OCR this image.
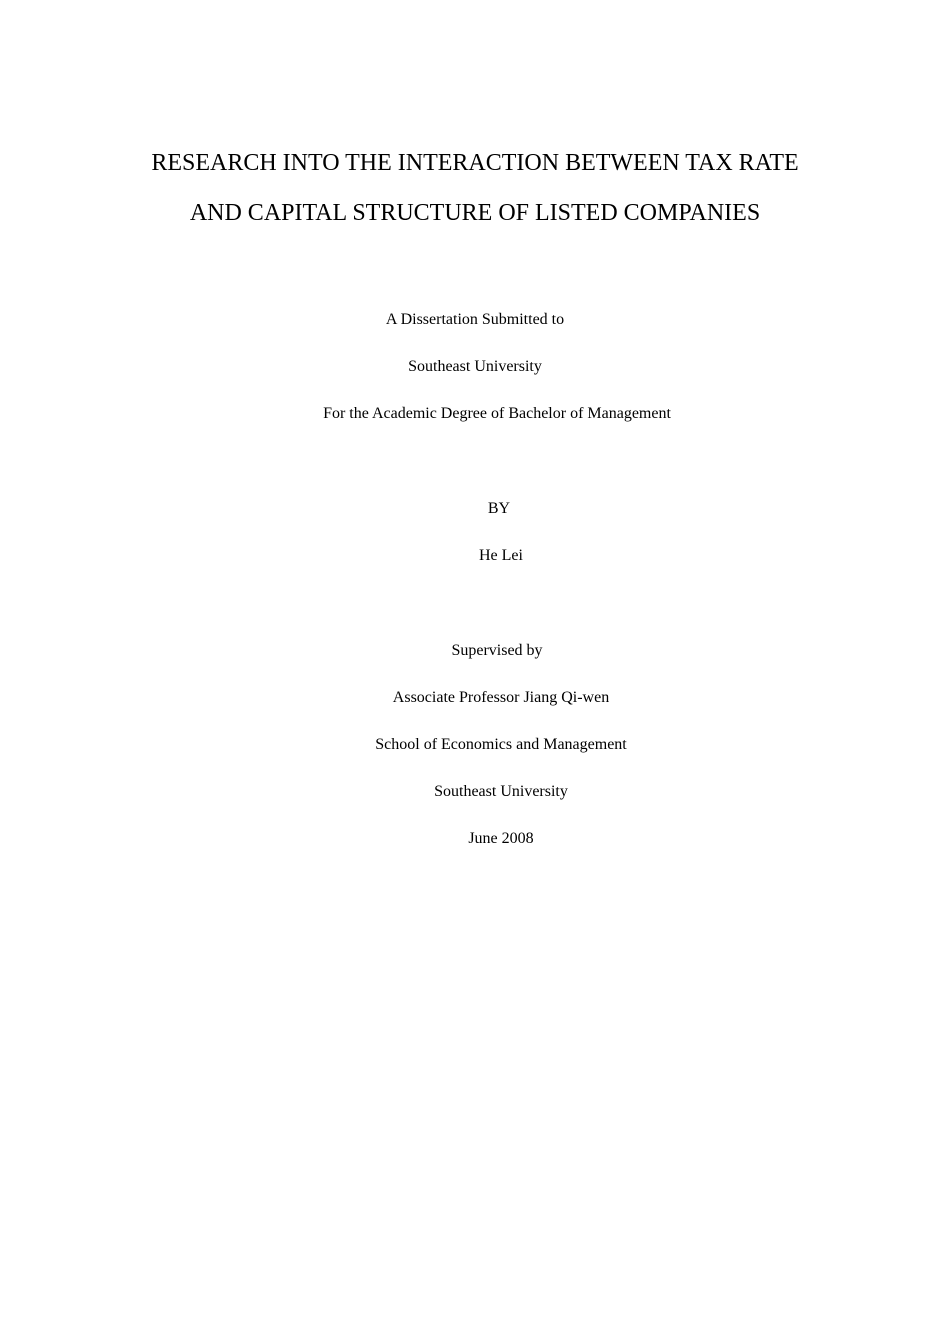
RESEARCH INTO THE INTERACTION BETWEEN TAX RATE
AND CAPITAL STRUCTURE OF LISTED COMPANIES
A Dissertation Submitted to
Southeast University
For the Academic Degree of Bachelor of Management
BY
He Lei
Supervised by
Associate Professor Jiang Qi-wen
School of Economics and Management
Southeast University
June 2008
